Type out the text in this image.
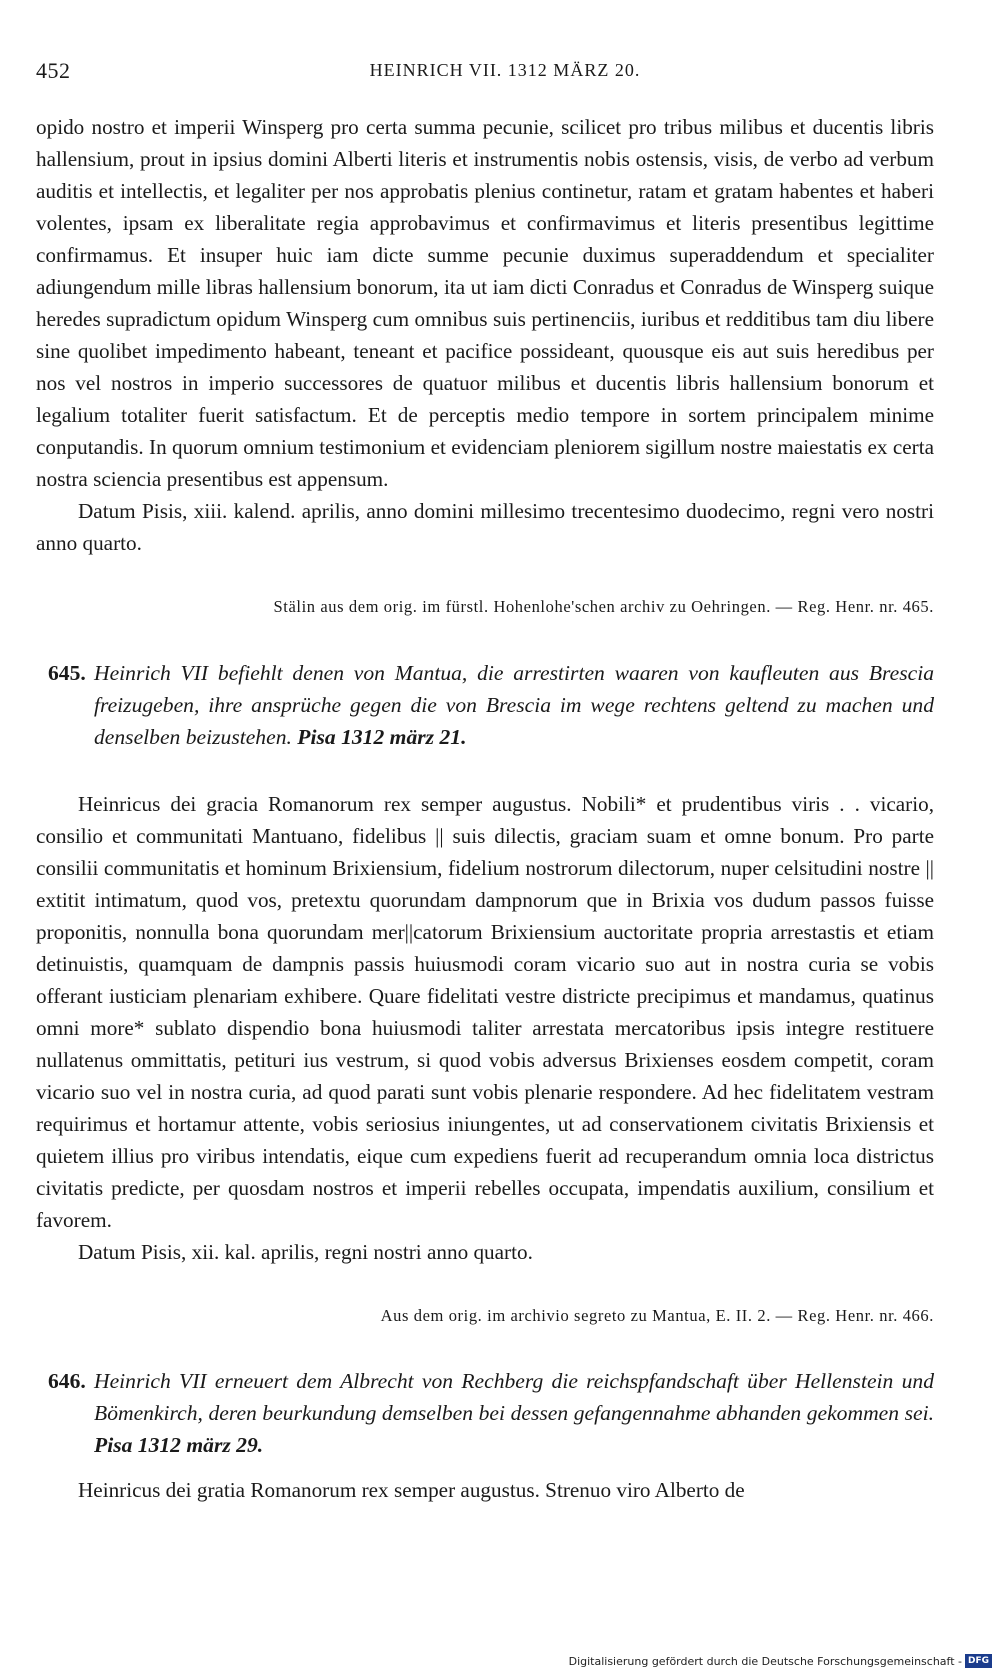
452	HEINRICH VII. 1312 MÄRZ 20.

opido nostro et imperii Winsperg pro certa summa pecunie, scilicet pro tribus milibus et ducentis libris hallensium, prout in ipsius domini Alberti literis et instrumentis nobis ostensis, visis, de verbo ad verbum auditis et intellectis, et legaliter per nos approbatis plenius continetur, ratam et gratam habentes et haberi volentes, ipsam ex liberalitate regia approbavimus et confirmavimus et literis presentibus legittime confirmamus. Et insuper huic iam dicte summe pecunie duximus superaddendum et specialiter adiungendum mille libras hallensium bonorum, ita ut iam dicti Conradus et Conradus de Winsperg suique heredes supradictum opidum Winsperg cum omnibus suis pertinenciis, iuribus et redditibus tam diu libere sine quolibet impedimento habeant, teneant et pacifice possideant, quousque eis aut suis heredibus per nos vel nostros in imperio successores de quatuor milibus et ducentis libris hallensium bonorum et legalium totaliter fuerit satisfactum. Et de perceptis medio tempore in sortem principalem minime conputandis. In quorum omnium testimonium et evidenciam pleniorem sigillum nostre maiestatis ex certa nostra sciencia presentibus est appensum.

Datum Pisis, xiii. kalend. aprilis, anno domini millesimo trecentesimo duodecimo, regni vero nostri anno quarto.

Stälin aus dem orig. im fürstl. Hohenlohe'schen archiv zu Oehringen. — Reg. Henr. nr. 465.
645. Heinrich VII befiehlt denen von Mantua, die arrestirten waaren von kaufleuten aus Brescia freizugeben, ihre ansprüche gegen die von Brescia im wege rechtens geltend zu machen und denselben beizustehen. Pisa 1312 märz 21.

Heinricus dei gracia Romanorum rex semper augustus. Nobili* et prudentibus viris . . vicario, consilio et communitati Mantuano, fidelibus || suis dilectis, graciam suam et omne bonum. Pro parte consilii communitatis et hominum Brixiensium, fidelium nostrorum dilectorum, nuper celsitudini nostre || extitit intimatum, quod vos, pretextu quorundam dampnorum que in Brixia vos dudum passos fuisse proponitis, nonnulla bona quorundam mer||catorum Brixiensium auctoritate propria arrestastis et etiam detinuistis, quamquam de dampnis passis huiusmodi coram vicario suo aut in nostra curia se vobis offerant iusticiam plenariam exhibere. Quare fidelitati vestre districte precipimus et mandamus, quatinus omni more* sublato dispendio bona huiusmodi taliter arrestata mercatoribus ipsis integre restituere nullatenus ommittatis, petituri ius vestrum, si quod vobis adversus Brixienses eosdem competit, coram vicario suo vel in nostra curia, ad quod parati sunt vobis plenarie respondere. Ad hec fidelitatem vestram requirimus et hortamur attente, vobis seriosius iniungentes, ut ad conservationem civitatis Brixiensis et quietem illius pro viribus intendatis, eique cum expediens fuerit ad recuperandum omnia loca districtus civitatis predicte, per quosdam nostros et imperii rebelles occupata, impendatis auxilium, consilium et favorem.

Datum Pisis, xii. kal. aprilis, regni nostri anno quarto.

Aus dem orig. im archivio segreto zu Mantua, E. II. 2. — Reg. Henr. nr. 466.
646. Heinrich VII erneuert dem Albrecht von Rechberg die reichspfandschaft über Hellenstein und Bömenkirch, deren beurkundung demselben bei dessen gefangennahme abhanden gekommen sei. Pisa 1312 märz 29.

Heinricus dei gratia Romanorum rex semper augustus. Strenuo viro Alberto de

Digitalisierung gefördert durch die Deutsche Forschungsgemeinschaft - DFG
